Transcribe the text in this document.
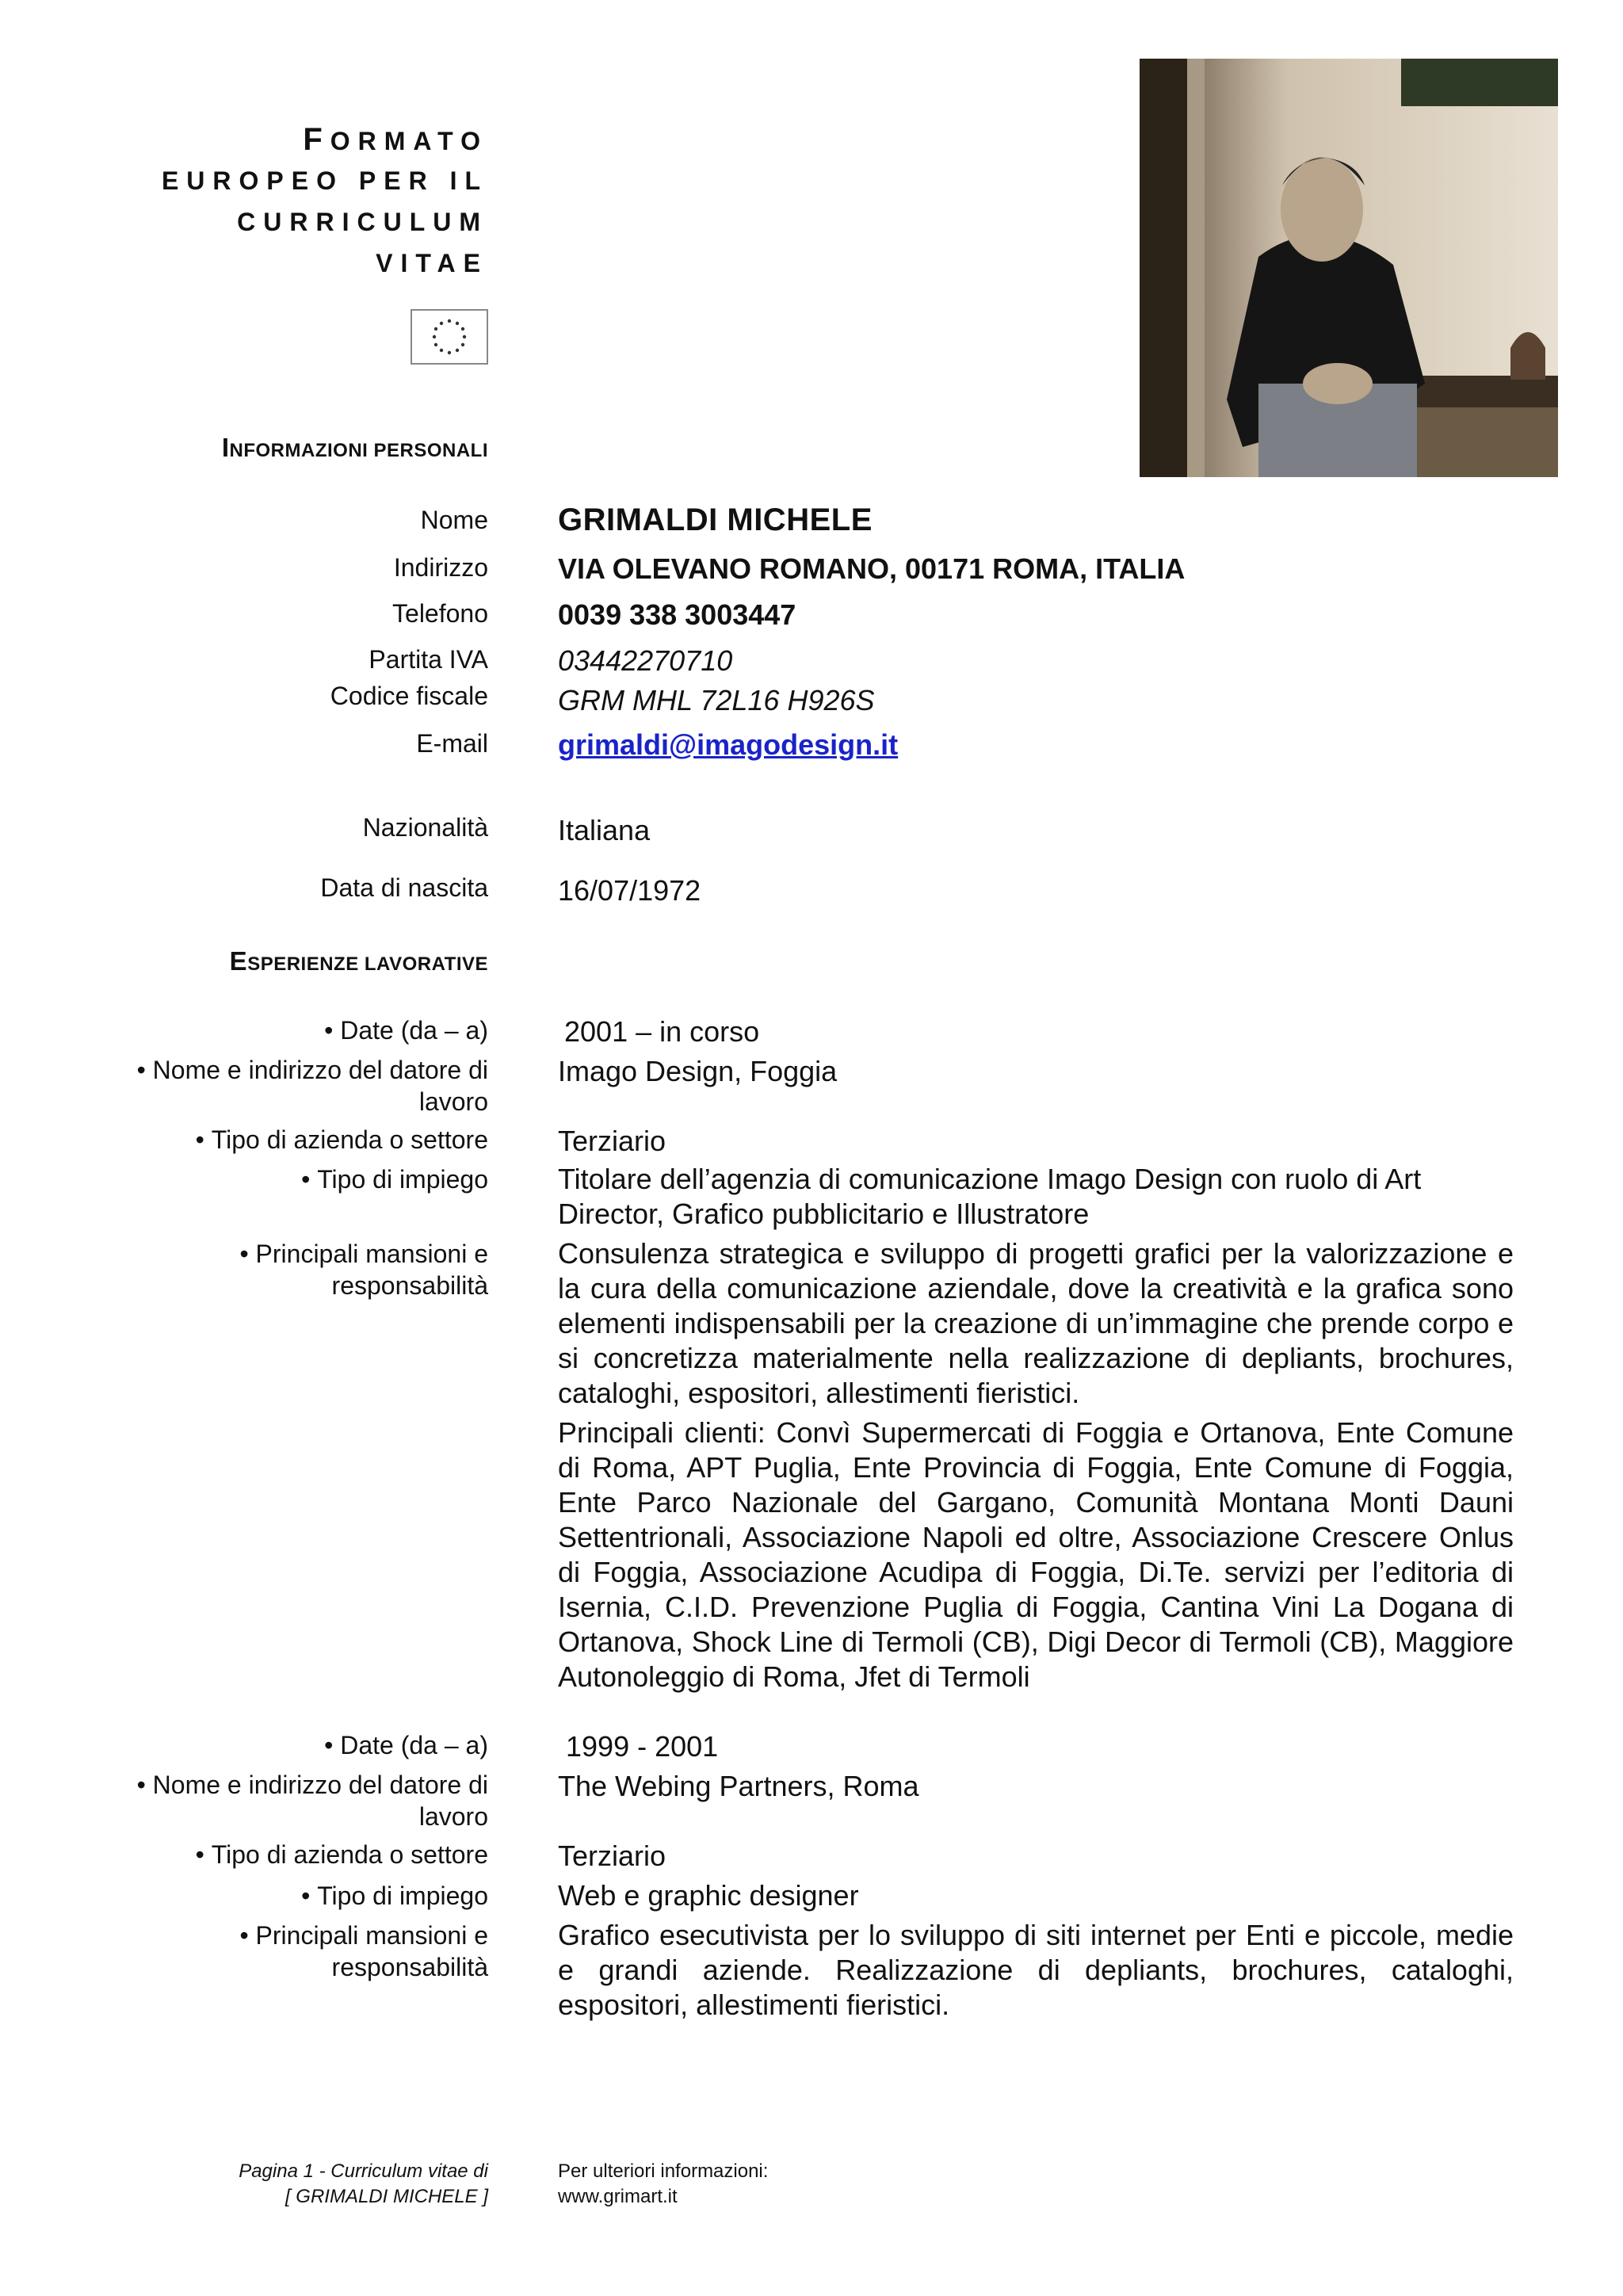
FORMATO
EUROPEO PER IL
CURRICULUM
VITAE
INFORMAZIONI PERSONALI
Nome GRIMALDI MICHELE
Indirizzo VIA OLEVANO ROMANO, 00171 ROMA, ITALIA
Telefono 0039 338 3003447
Partita IVA 03442270710
Codice fiscale GRM MHL 72L16 H926S
E-mail grimaldi@imagodesign.it
Nazionalità Italiana
Data di nascita 16/07/1972
ESPERIENZE LAVORATIVE
• Date (da – a)	2001 – in corso
• Nome e indirizzo del datore di lavoro
Imago Design, Foggia
• Tipo di azienda o settore Terziario
• Tipo di impiego Titolare dell’agenzia di comunicazione Imago Design con ruolo di Art Director, Grafico pubblicitario e Illustratore
• Principali mansioni e responsabilità

Consulenza strategica e sviluppo di progetti grafici per la valorizzazione e la cura della comunicazione aziendale, dove la creatività e la grafica sono elementi indispensabili per la creazione di un’immagine che prende corpo e si concretizza materialmente nella realizzazione di depliants, brochures, cataloghi, espositori, allestimenti fieristici.

Principali clienti: Convì Supermercati di Foggia e Ortanova, Ente Comune di Roma, APT Puglia, Ente Provincia di Foggia, Ente Comune di Foggia, Ente Parco Nazionale del Gargano, Comunità Montana Monti Dauni Settentrionali, Associazione Napoli ed oltre, Associazione Crescere Onlus di Foggia, Associazione Acudipa di Foggia, Di.Te. servizi per l’editoria di Isernia, C.I.D. Prevenzione Puglia di Foggia, Cantina Vini La Dogana di Ortanova, Shock Line di Termoli (CB), Digi Decor di Termoli (CB), Maggiore Autonoleggio di Roma, Jfet di Termoli

• Date (da – a)	1999 - 2001
• Nome e indirizzo del datore di lavoro
The Webing Partners, Roma
• Tipo di azienda o settore Terziario
• Tipo di impiego Web e graphic designer
• Principali mansioni e responsabilità

Grafico esecutivista per lo sviluppo di siti internet per Enti e piccole, medie e grandi aziende. Realizzazione di depliants, brochures, cataloghi, espositori, allestimenti fieristici.

Pagina 1 - Curriculum vitae di
[ GRIMALDI MICHELE ]
Per ulteriori informazioni:
www.grimart.it
